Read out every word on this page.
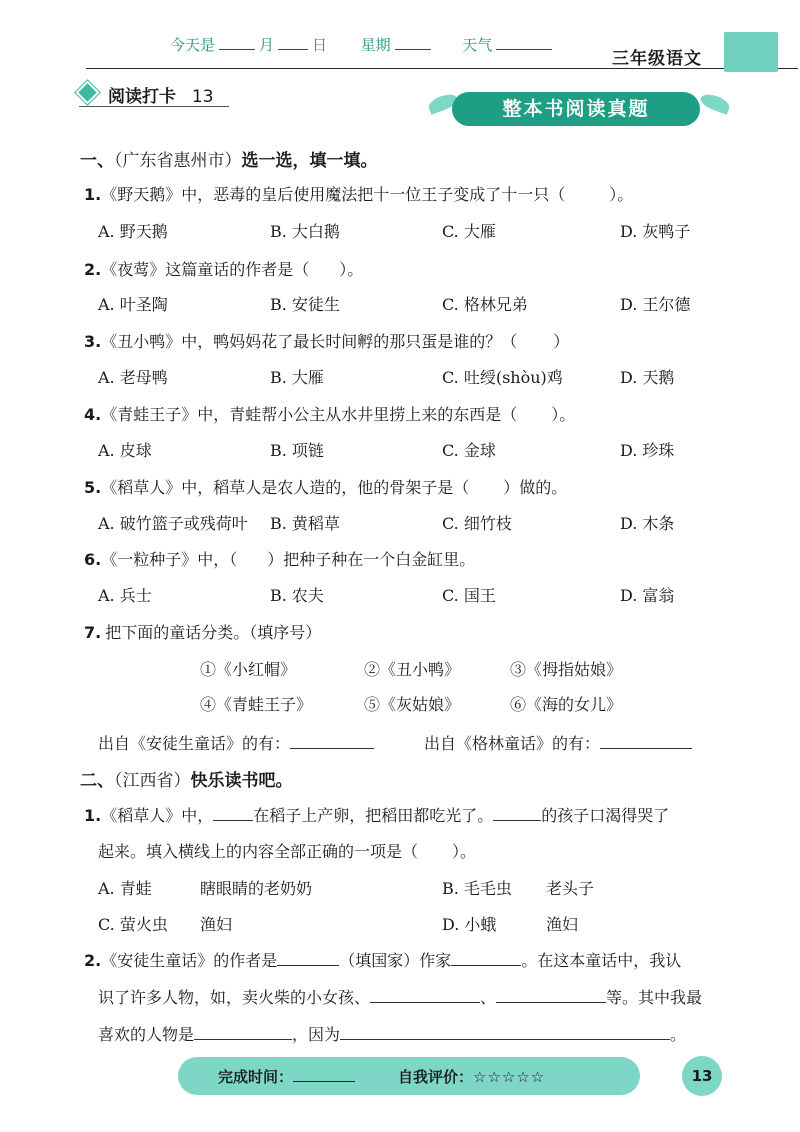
今天是	月	日 星期	天气
三年级语文
阅读打卡 13
整本书阅读真题
一、（广东省惠州市）选一选，填一填。
1.《野天鹅》中，恶毒的皇后使用魔法把十一位王子变成了十一只（	）。
A. 野天鹅	B. 大白鹅	C. 大雁	D. 灰鸭子
2.《夜莺》这篇童话的作者是（ ）。
A. 叶圣陶	B. 安徒生	C. 格林兄弟	D. 王尔德
3.《丑小鸭》中，鸭妈妈花了最长时间孵的那只蛋是谁的？（ ）
A. 老母鸭	B. 大雁	C. 吐绶(shòu)鸡	D. 天鹅
4.《青蛙王子》中，青蛙帮小公主从水井里捞上来的东西是（ ）。
A. 皮球	B. 项链	C. 金球	D. 珍珠
5.《稻草人》中，稻草人是农人造的，他的骨架子是（ ）做的。
A. 破竹篮子或残荷叶 B. 黄稻草	C. 细竹枝	D. 木条
6.《一粒种子》中，（ ）把种子种在一个白金缸里。
A. 兵士	B. 农夫	C. 国王	D. 富翁
7. 把下面的童话分类。（填序号）
①《小红帽》	②《丑小鸭》	③《拇指姑娘》
④《青蛙王子》	⑤《灰姑娘》	⑥《海的女儿》
出自《安徒生童话》的有：	出自《格林童话》的有：
二、（江西省）快乐读书吧。
1.《稻草人》中，	在稻子上产卵，把稻田都吃光了。	的孩子口渴得哭了
起来。填入横线上的内容全部正确的一项是（ ）。
A. 青蛙	瞎眼睛的老奶奶	B. 毛毛虫 老头子
C. 萤火虫 渔妇	D. 小蛾	渔妇
2.《安徒生童话》的作者是	（填国家）作家	。在这本童话中，我认
识了许多人物，如，卖火柴的小女孩、	、	等。其中我最
喜欢的人物是	，因为	。
完成时间：	自我评价：☆☆☆☆☆	13
